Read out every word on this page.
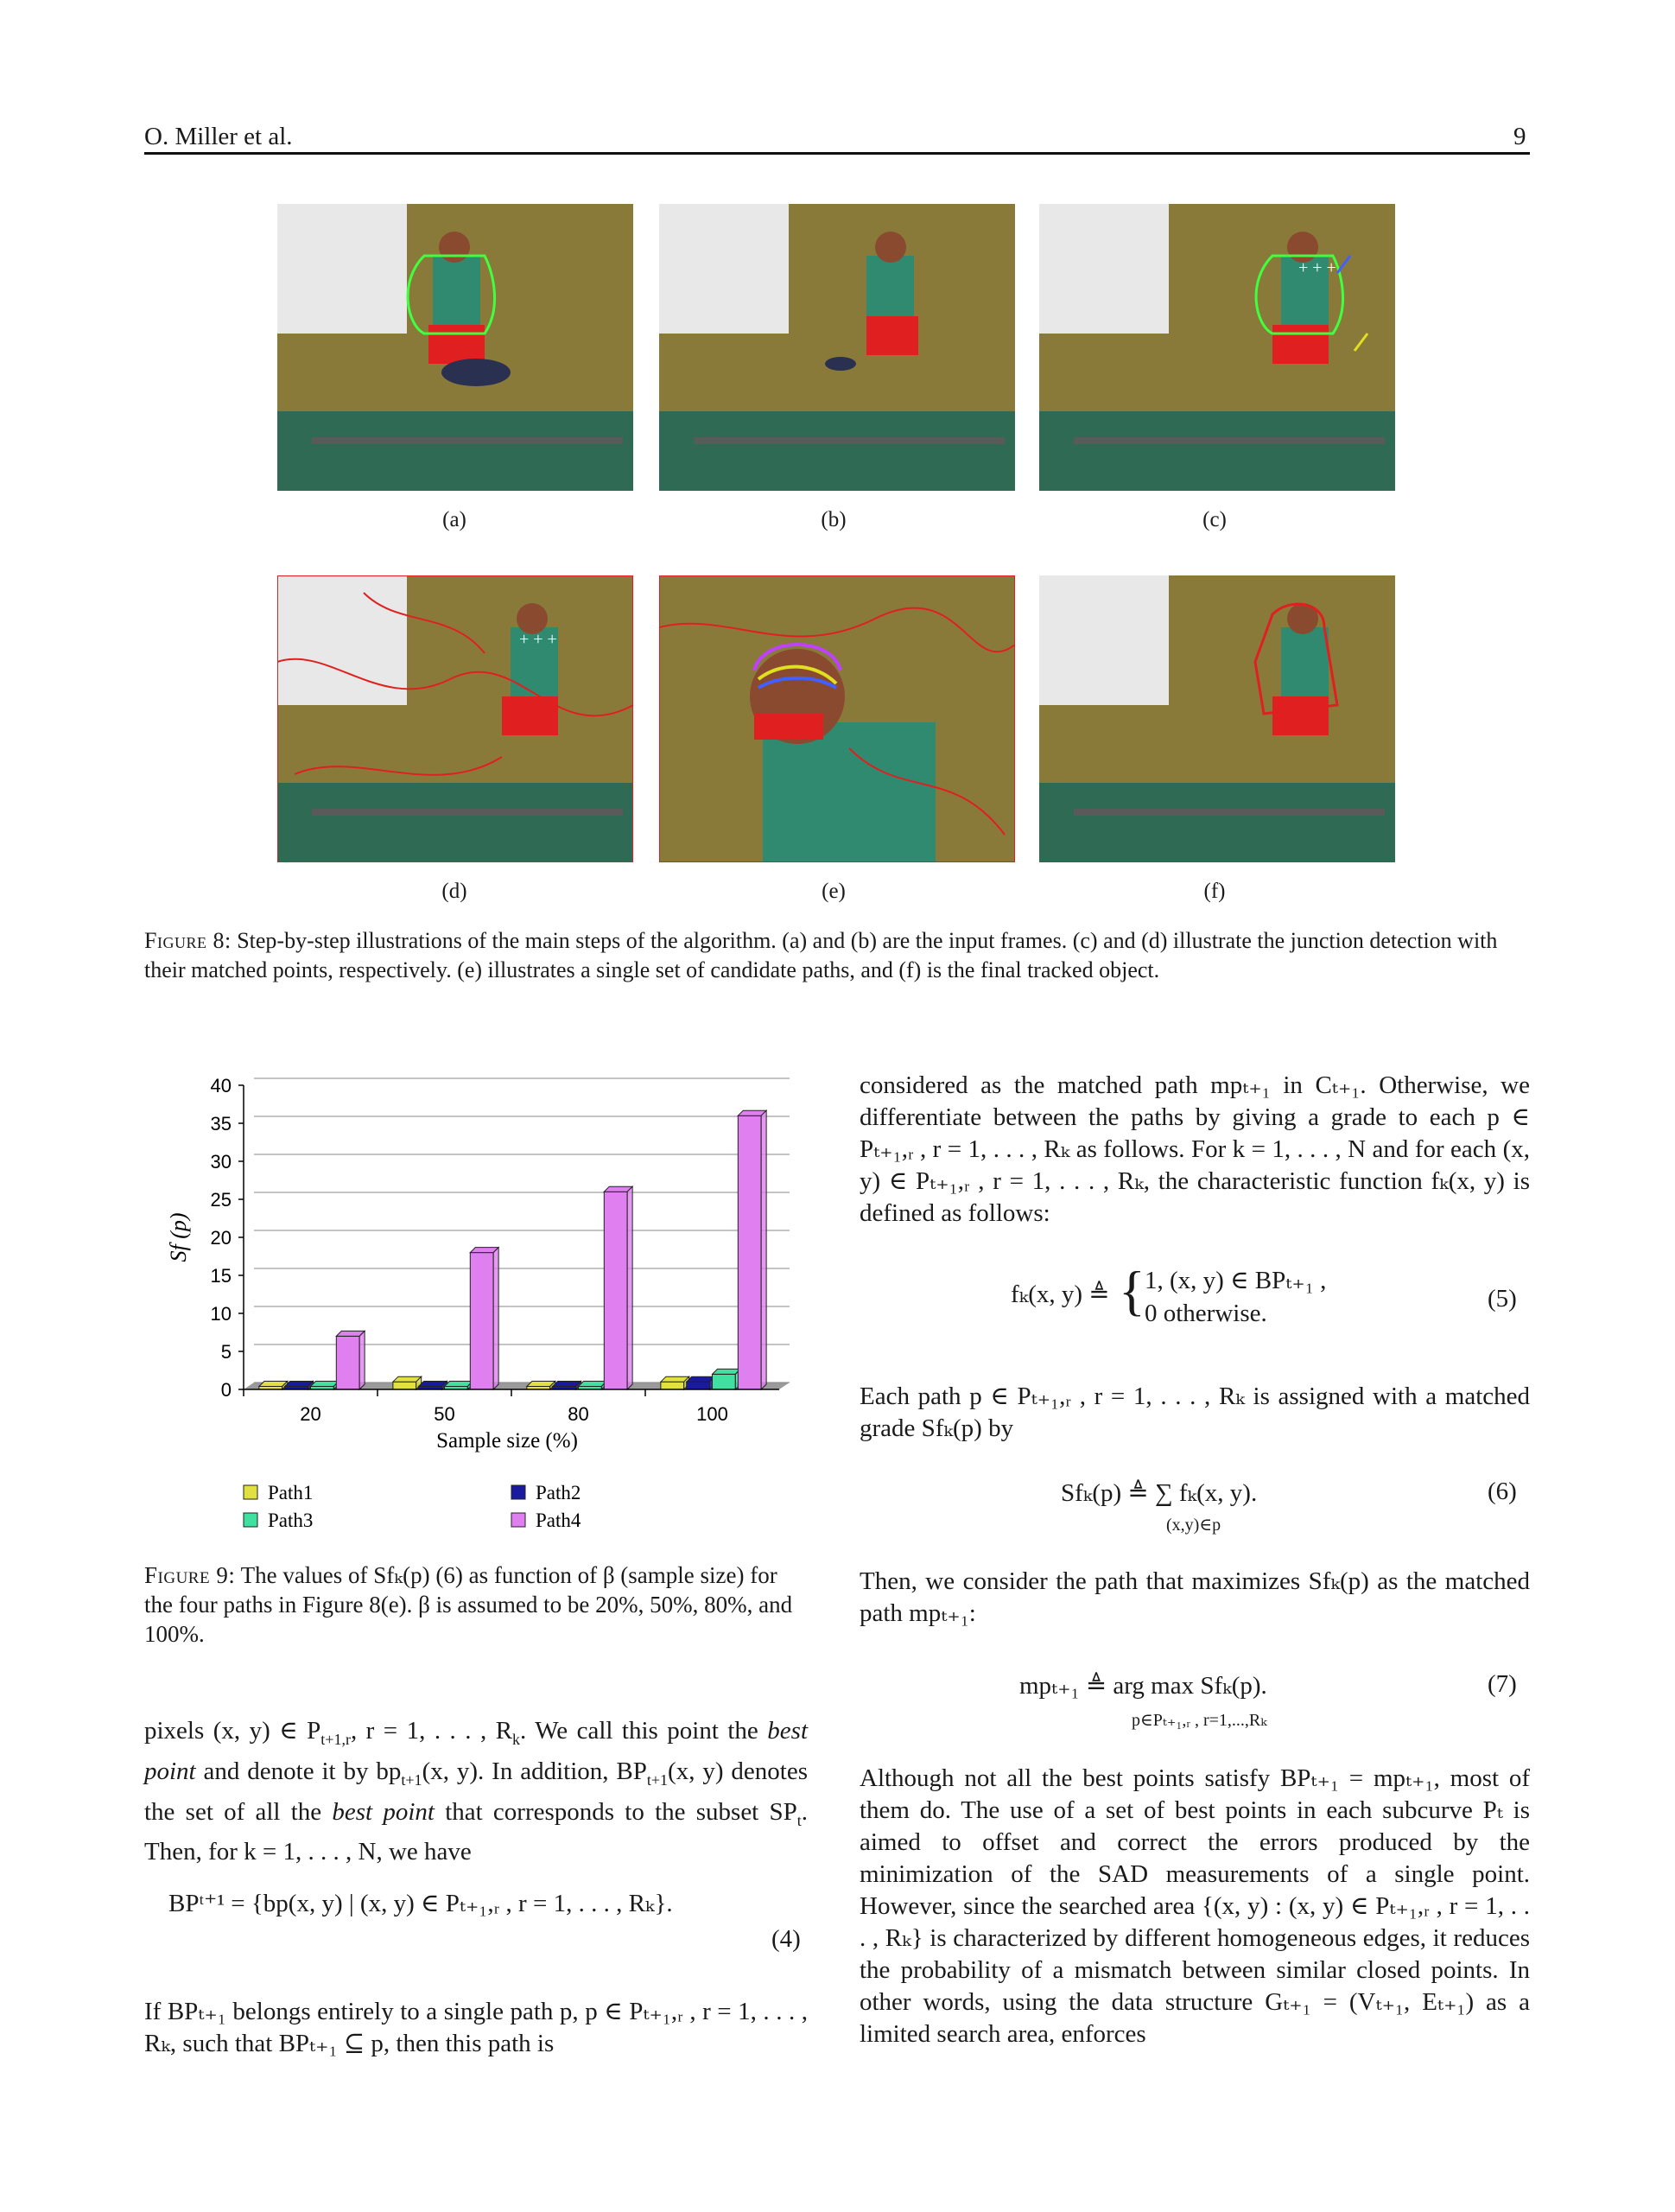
O. Miller et al.	9
+ + +
(a)	(b)	(c)
+ + +
(d)	(e)	(f)
Figure 8: Step-by-step illustrations of the main steps of the algorithm. (a) and (b) are the input frames. (c) and (d) illustrate the junction detection with their matched points, respectively. (e) illustrates a single set of candidate paths, and (f) is the final tracked object.
0
5
10
15
20
25
30
35
40
20	50	80	100
Sf (p)
Sample size (%)
Path1	Path2
Path3	Path4
Figure 9: The values of Sfₖ(p) (6) as function of β (sample size) for the four paths in Figure 8(e). β is assumed to be 20%, 50%, 80%, and 100%.
pixels (x, y) ∈ $P_{t+1,r}$, r = 1, . . . , $R_k$. We call this point the best point and denote it by $bp_{t+1}(x$, y). In addition, $BP_{t+1}(x$, y) denotes the set of all the best point that corresponds to the subset $SP_t$. Then, for k = 1, . . . , N, we have
BPᵗ⁺¹ = {bp(x, y) | (x, y) ∈ Pₜ₊₁,ᵣ , r = 1, . . . , Rₖ}.
(4)
If BPₜ₊₁ belongs entirely to a single path p, p ∈ Pₜ₊₁,ᵣ , r = 1, . . . , Rₖ, such that BPₜ₊₁ ⊆ p, then this path is
considered as the matched path mpₜ₊₁ in Cₜ₊₁. Otherwise, we differentiate between the paths by giving a grade to each p ∈ Pₜ₊₁,ᵣ , r = 1, . . . , Rₖ as follows. For k = 1, . . . , N and for each (x, y) ∈ Pₜ₊₁,ᵣ , r = 1, . . . , Rₖ, the characteristic function fₖ(x, y) is defined as follows:
fₖ(x, y) ≜ { 1, (x, y) ∈ BPₜ₊₁ ,
0 otherwise.
(5)
Each path p ∈ Pₜ₊₁,ᵣ , r = 1, . . . , Rₖ is assigned with a matched grade Sfₖ(p) by
Sfₖ(p) ≜ ∑ fₖ(x, y).
(x,y)∈p
(6)
Then, we consider the path that maximizes Sfₖ(p) as the matched path mpₜ₊₁:
mpₜ₊₁ ≜ arg max Sfₖ(p).
p∈Pₜ₊₁,ᵣ , r=1,...,Rₖ
(7)
Although not all the best points satisfy BPₜ₊₁ = mpₜ₊₁, most of them do. The use of a set of best points in each subcurve Pₜ is aimed to offset and correct the errors produced by the minimization of the SAD measurements of a single point. However, since the searched area {(x, y) : (x, y) ∈ Pₜ₊₁,ᵣ , r = 1, . . . , Rₖ} is characterized by different homogeneous edges, it reduces the probability of a mismatch between similar closed points. In other words, using the data structure Gₜ₊₁ = (Vₜ₊₁, Eₜ₊₁) as a limited search area, enforces
